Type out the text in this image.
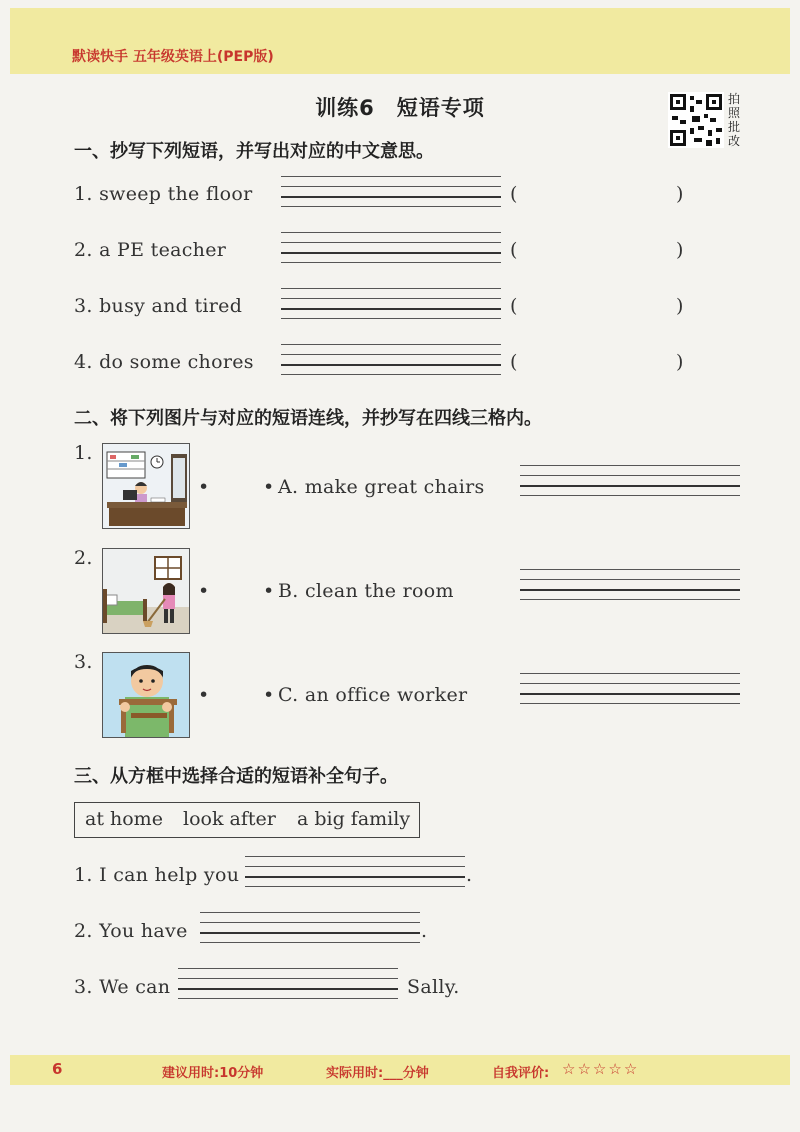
默读快手 五年级英语上(PEP版)
训练6　短语专项	拍照批改
一、抄写下列短语，并写出对应的中文意思。
1. sweep the floor	(	)
2. a PE teacher	(	)
3. busy and tired	(	)
4. do some chores	(	)
二、将下列图片与对应的短语连线，并抄写在四线三格内。
1.
•	• A. make great chairs
2.
•	• B. clean the room
3.
•	• C. an office worker
三、从方框中选择合适的短语补全句子。
at home look after a big family
1. I can help you	.
2. You have	.
3. We can	Sally.
6	建议用时:10分钟	实际用时:___分钟	自我评价: ☆ ☆ ☆ ☆ ☆
